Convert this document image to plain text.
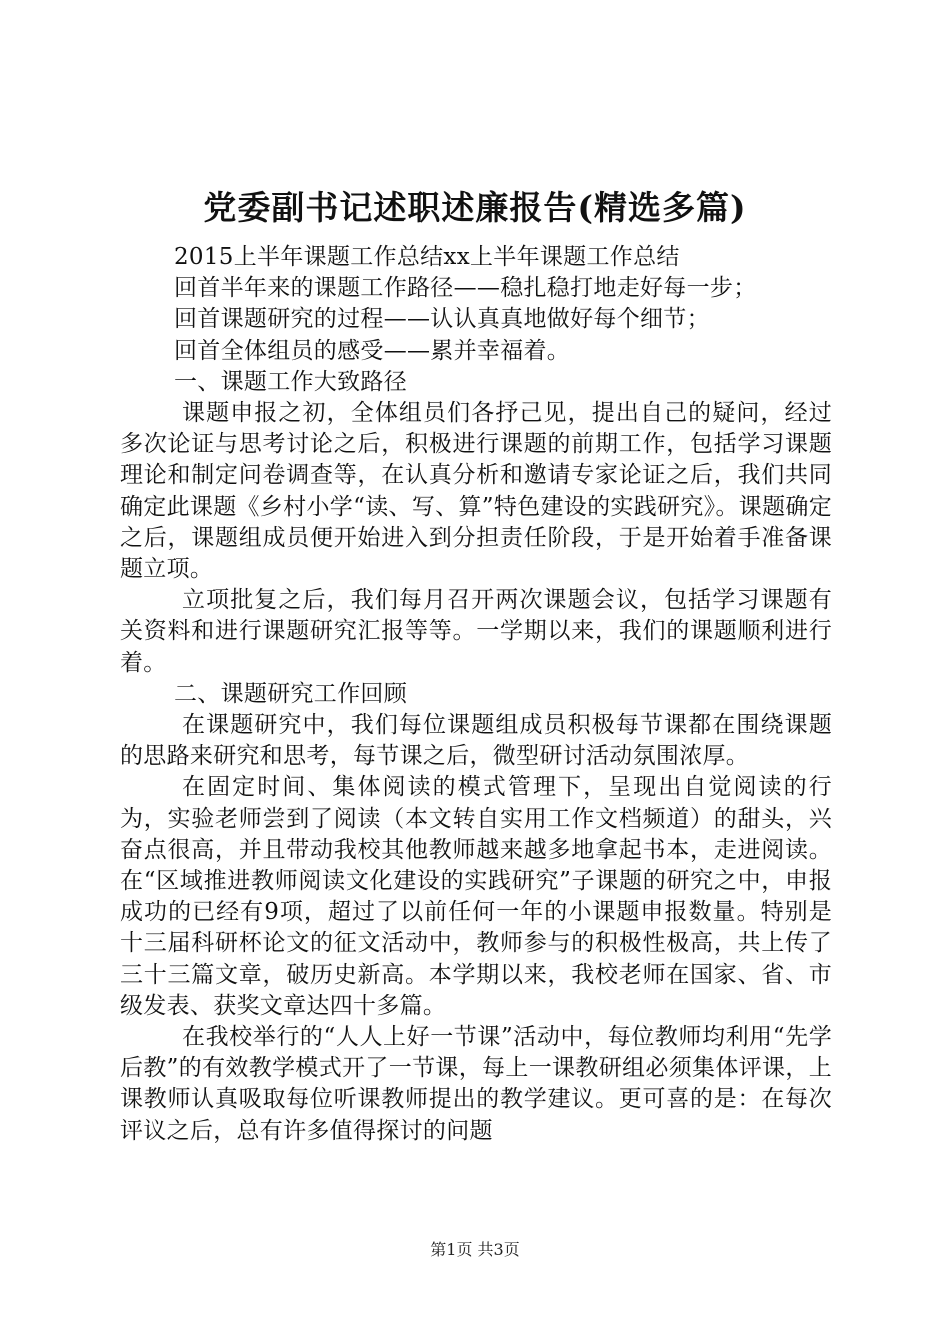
党委副书记述职述廉报告(精选多篇)

2015上半年课题工作总结xx上半年课题工作总结

回首半年来的课题工作路径——稳扎稳打地走好每一步；

回首课题研究的过程——认认真真地做好每个细节；

回首全体组员的感受——累并幸福着。

一、课题工作大致路径

课题申报之初，全体组员们各抒己见，提出自己的疑问，经过多次论证与思考讨论之后，积极进行课题的前期工作，包括学习课题理论和制定问卷调查等，在认真分析和邀请专家论证之后，我们共同确定此课题《乡村小学“读、写、算”特色建设的实践研究》。课题确定之后，课题组成员便开始进入到分担责任阶段，于是开始着手准备课题立项。

立项批复之后，我们每月召开两次课题会议，包括学习课题有关资料和进行课题研究汇报等等。一学期以来，我们的课题顺利进行着。

二、课题研究工作回顾

在课题研究中，我们每位课题组成员积极每节课都在围绕课题的思路来研究和思考，每节课之后，微型研讨活动氛围浓厚。

在固定时间、集体阅读的模式管理下，呈现出自觉阅读的行为，实验老师尝到了阅读（本文转自实用工作文档频道）的甜头，兴奋点很高，并且带动我校其他教师越来越多地拿起书本，走进阅读。在“区域推进教师阅读文化建设的实践研究”子课题的研究之中，申报成功的已经有9项，超过了以前任何一年的小课题申报数量。特别是十三届科研杯论文的征文活动中，教师参与的积极性极高，共上传了三十三篇文章，破历史新高。本学期以来，我校老师在国家、省、市级发表、获奖文章达四十多篇。

在我校举行的“人人上好一节课”活动中，每位教师均利用“先学后教”的有效教学模式开了一节课，每上一课教研组必须集体评课，上课教师认真吸取每位听课教师提出的教学建议。更可喜的是：在每次评议之后，总有许多值得探讨的问题

第1页 共3页
